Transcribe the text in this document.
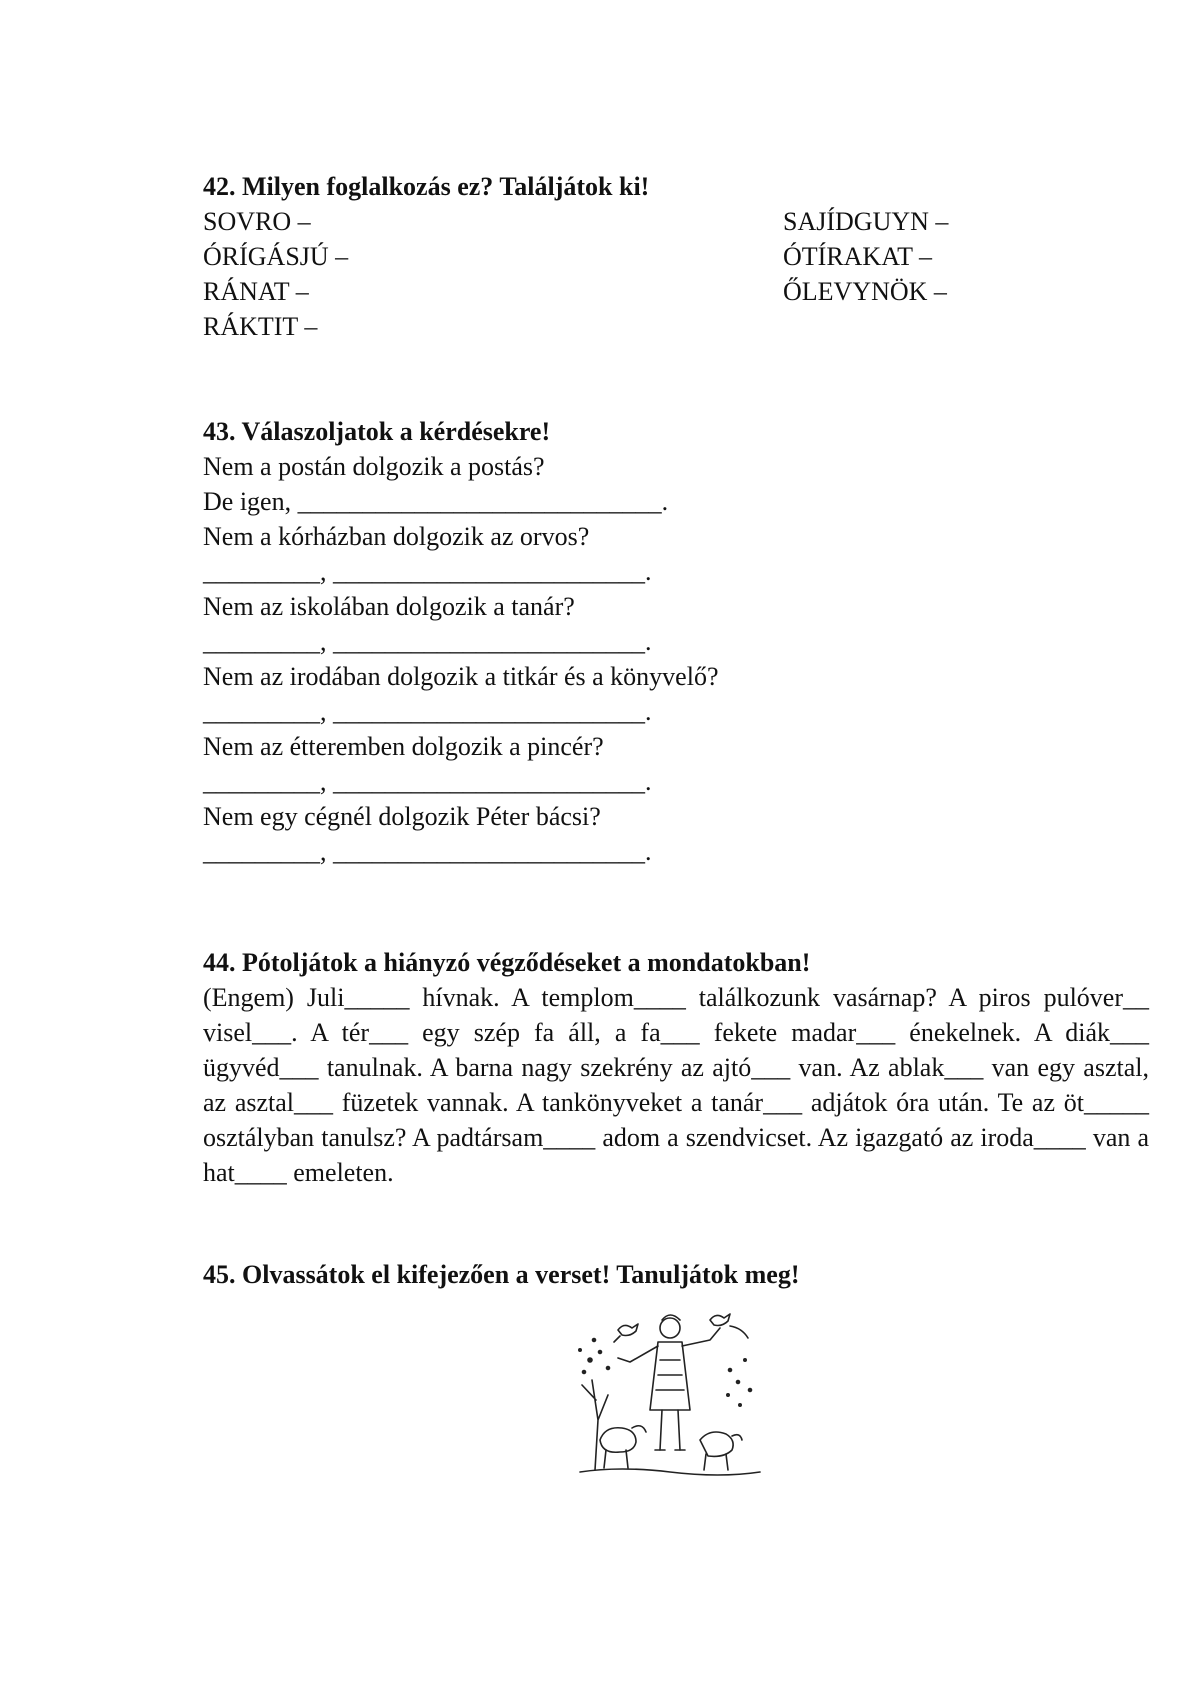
42. Milyen foglalkozás ez? Találjátok ki!

SOVRO –

ÓRÍGÁSJÚ –

RÁNAT –

RÁKTIT –

SAJÍDGUYN –

ÓTÍRAKAT –

ŐLEVYNÖK –

43. Válaszoljatok a kérdésekre!

Nem a postán dolgozik a postás?

De igen, ____________________________.

Nem a kórházban dolgozik az orvos?

_________, ________________________.

Nem az iskolában dolgozik a tanár?

_________, ________________________.

Nem az irodában dolgozik a titkár és a könyvelő?

_________, ________________________.

Nem az étteremben dolgozik a pincér?

_________, ________________________.

Nem egy cégnél dolgozik Péter bácsi?

_________, ________________________.

44. Pótoljátok a hiányzó végződéseket a mondatokban!

(Engem) Juli_____ hívnak. A templom____ találkozunk vasárnap? A piros pulóver__ visel___. A tér___ egy szép fa áll, a fa___ fekete madar___ énekelnek. A diák___ ügyvéd___ tanulnak. A barna nagy szekrény az ajtó___ van. Az ablak___ van egy asztal, az asztal___ füzetek vannak. A tankönyveket a tanár___ adjátok óra után. Te az öt_____ osztályban tanulsz? A padtársam____ adom a szendvicset. Az igazgató az iroda____ van a hat____ emeleten.

45. Olvassátok el kifejezően a verset! Tanuljátok meg!
